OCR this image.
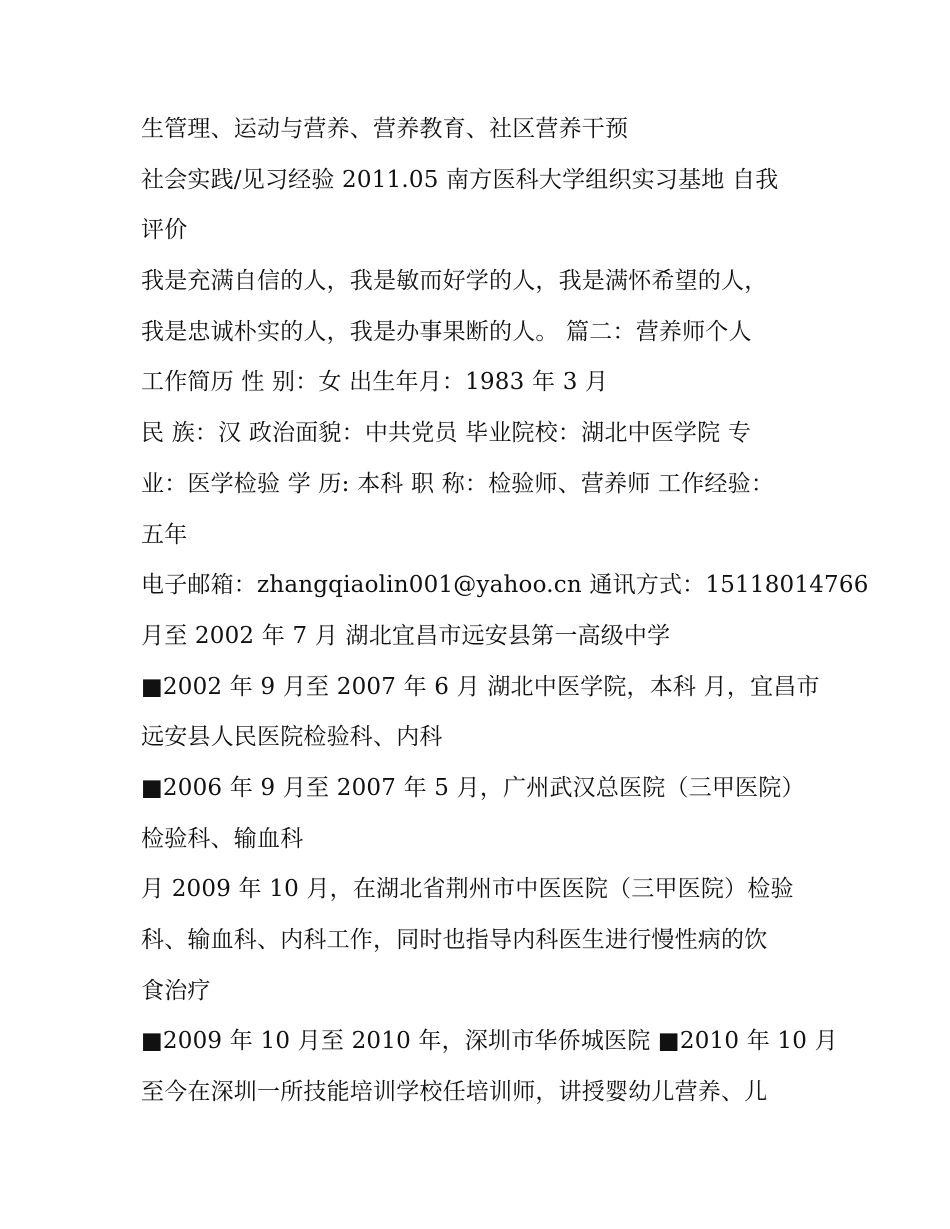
生管理、运动与营养、营养教育、社区营养干预
社会实践/见习经验 2011.05 南方医科大学组织实习基地 自我
评价
我是充满自信的人，我是敏而好学的人，我是满怀希望的人，
我是忠诚朴实的人，我是办事果断的人。 篇二：营养师个人
工作简历 性 别：女 出生年月：1983 年 3 月
民 族：汉 政治面貌：中共党员 毕业院校：湖北中医学院 专
业：医学检验 学 历: 本科 职 称：检验师、营养师 工作经验：
五年
电子邮箱：zhangqiaolin001@yahoo.cn 通讯方式：15118014766
月至 2002 年 7 月 湖北宜昌市远安县第一高级中学
■2002 年 9 月至 2007 年 6 月 湖北中医学院，本科 月，宜昌市
远安县人民医院检验科、内科
■2006 年 9 月至 2007 年 5 月，广州武汉总医院（三甲医院）
检验科、输血科
月 2009 年 10 月，在湖北省荆州市中医医院（三甲医院）检验
科、输血科、内科工作，同时也指导内科医生进行慢性病的饮
食治疗
■2009 年 10 月至 2010 年，深圳市华侨城医院 ■2010 年 10 月
至今在深圳一所技能培训学校任培训师，讲授婴幼儿营养、儿
